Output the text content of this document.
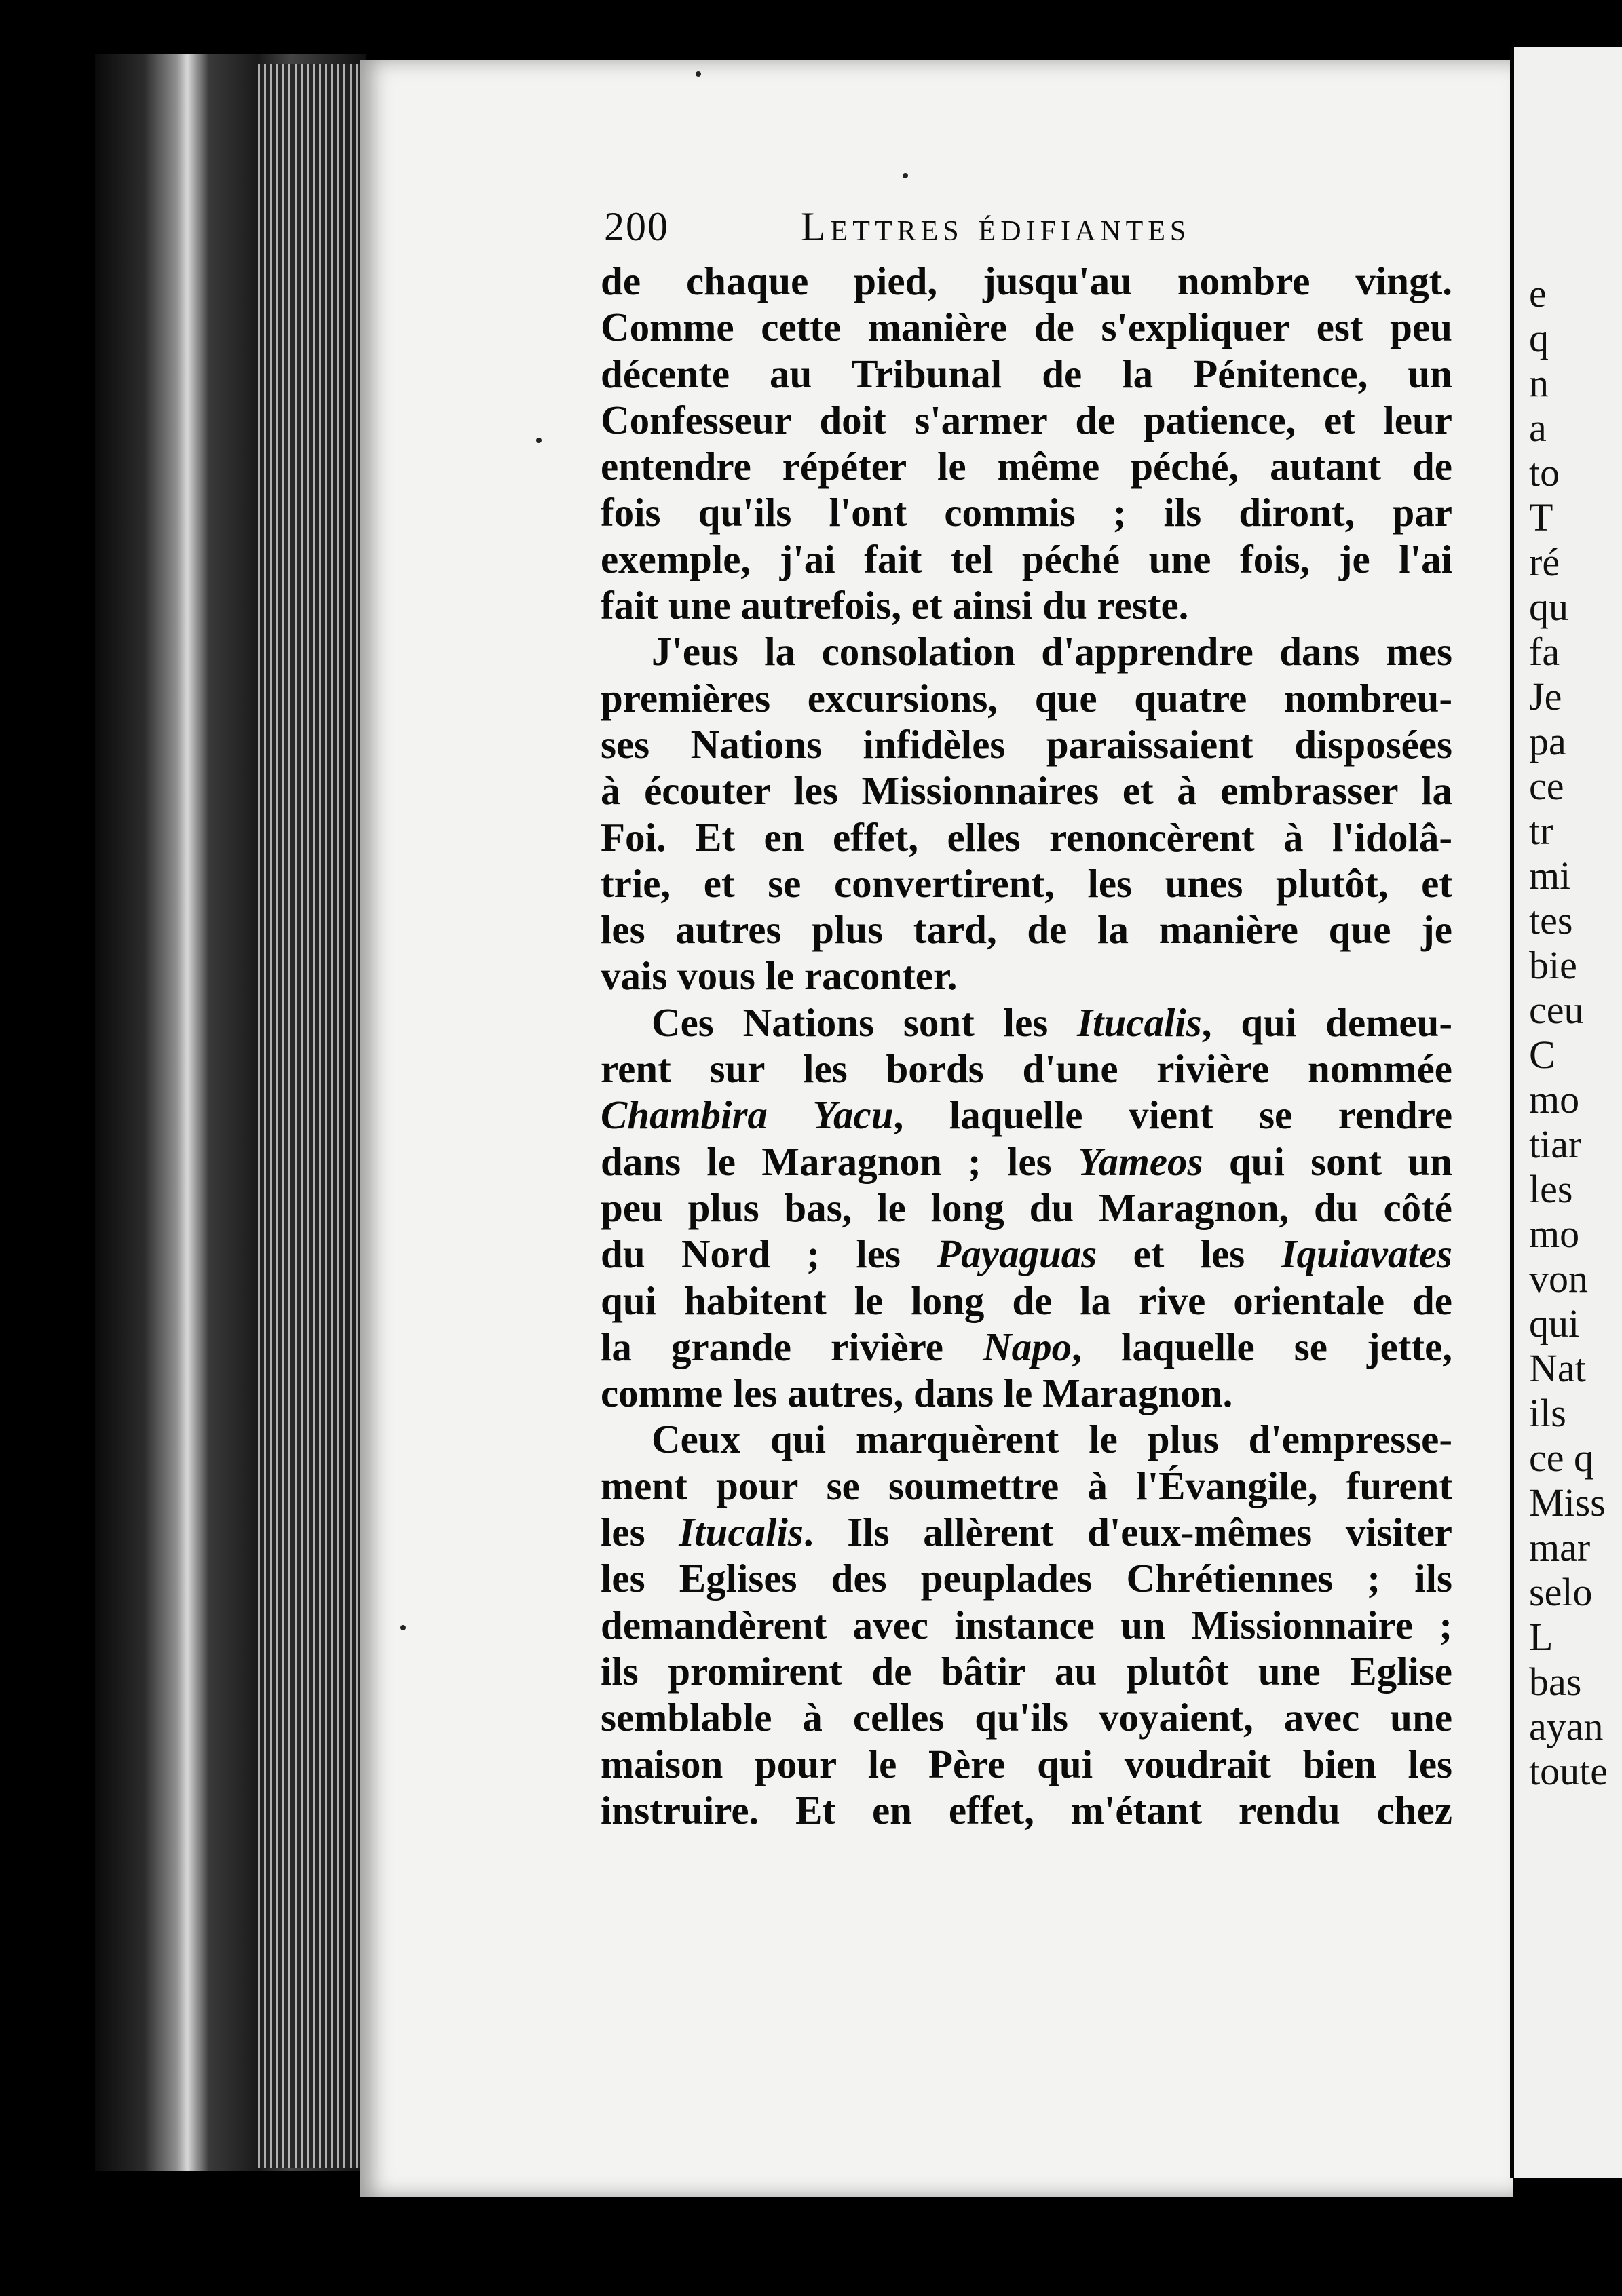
e
q
n
a
to
T
ré
qu
fa
Je
pa
ce
tr
mi
tes
bie
ceu
C
mo
tiar
les
mo
von
qui
Nat
ils
ce q
Miss
mar
selo
L
bas
ayan
toute
200	Lettres édifiantes
de chaque pied, jusqu'au nombre vingt.
Comme cette manière de s'expliquer est peu
décente au Tribunal de la Pénitence, un
Confesseur doit s'armer de patience, et leur
entendre répéter le même péché, autant de
fois qu'ils l'ont commis ; ils diront, par
exemple, j'ai fait tel péché une fois, je l'ai
fait une autrefois, et ainsi du reste.
J'eus la consolation d'apprendre dans mes
premières excursions, que quatre nombreu-
ses Nations infidèles paraissaient disposées
à écouter les Missionnaires et à embrasser la
Foi. Et en effet, elles renoncèrent à l'idolâ-
trie, et se convertirent, les unes plutôt, et
les autres plus tard, de la manière que je
vais vous le raconter.
Ces Nations sont les Itucalis, qui demeu-
rent sur les bords d'une rivière nommée
Chambira Yacu, laquelle vient se rendre
dans le Maragnon ; les Yameos qui sont un
peu plus bas, le long du Maragnon, du côté
du Nord ; les Payaguas et les Iquiavates
qui habitent le long de la rive orientale de
la grande rivière Napo, laquelle se jette,
comme les autres, dans le Maragnon.
Ceux qui marquèrent le plus d'empresse-
ment pour se soumettre à l'Évangile, furent
les Itucalis. Ils allèrent d'eux-mêmes visiter
les Eglises des peuplades Chrétiennes ; ils
demandèrent avec instance un Missionnaire ;
ils promirent de bâtir au plutôt une Eglise
semblable à celles qu'ils voyaient, avec une
maison pour le Père qui voudrait bien les
instruire. Et en effet, m'étant rendu chez
